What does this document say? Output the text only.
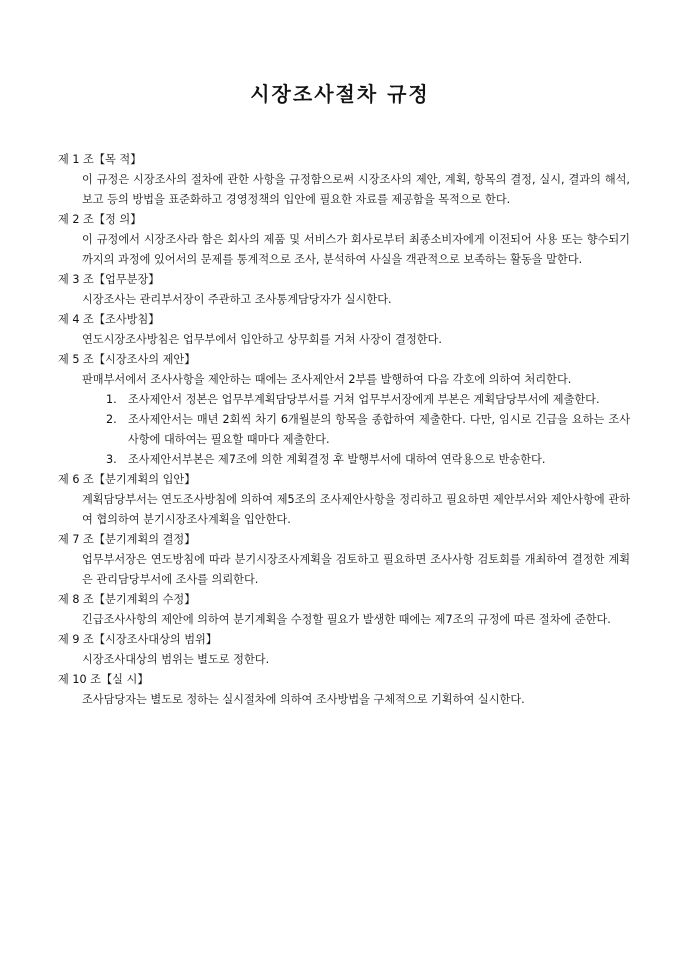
시장조사절차 규정

제 1 조【목 적】

이 규정은 시장조사의 절차에 관한 사항을 규정함으로써 시장조사의 제안, 계획, 항목의 결정, 실시, 결과의 해석, 보고 등의 방법을 표준화하고 경영정책의 입안에 필요한 자료를 제공함을 목적으로 한다.

제 2 조【정 의】

이 규정에서 시장조사라 함은 회사의 제품 및 서비스가 회사로부터 최종소비자에게 이전되어 사용 또는 향수되기까지의 과정에 있어서의 문제를 통계적으로 조사, 분석하여 사실을 객관적으로 보족하는 활동을 말한다.

제 3 조【업무분장】

시장조사는 관리부서장이 주관하고 조사통계담당자가 실시한다.

제 4 조【조사방침】

연도시장조사방침은 업무부에서 입안하고 상무회를 거쳐 사장이 결정한다.

제 5 조【시장조사의 제안】

판매부서에서 조사사항을 제안하는 때에는 조사제안서 2부를 발행하여 다음 각호에 의하여 처리한다.

1. 조사제안서 정본은 업무부계획담당부서를 거쳐 업무부서장에게 부본은 계획담당부서에 제출한다.
2. 조사제안서는 매년 2회씩 차기 6개월분의 항목을 종합하여 제출한다. 다만, 임시로 긴급을 요하는 조사사항에 대하여는 필요할 때마다 제출한다.
3. 조사제안서부본은 제7조에 의한 계획결정 후 발행부서에 대하여 연락용으로 반송한다.

제 6 조【분기계획의 입안】

계획담당부서는 연도조사방침에 의하여 제5조의 조사제안사항을 정리하고 필요하면 제안부서와 제안사항에 관하여 협의하여 분기시장조사계획을 입안한다.

제 7 조【분기계획의 결정】

업무부서장은 연도방침에 따라 분기시장조사계획을 검토하고 필요하면 조사사항 검토회를 개최하여 결정한 계획은 관리담당부서에 조사를 의뢰한다.

제 8 조【분기계획의 수정】

긴급조사사항의 제안에 의하여 분기계획을 수정할 필요가 발생한 때에는 제7조의 규정에 따른 절차에 준한다.

제 9 조【시장조사대상의 범위】

시장조사대상의 범위는 별도로 정한다.

제 10 조【실 시】

조사담당자는 별도로 정하는 실시절차에 의하여 조사방법을 구체적으로 기획하여 실시한다.
